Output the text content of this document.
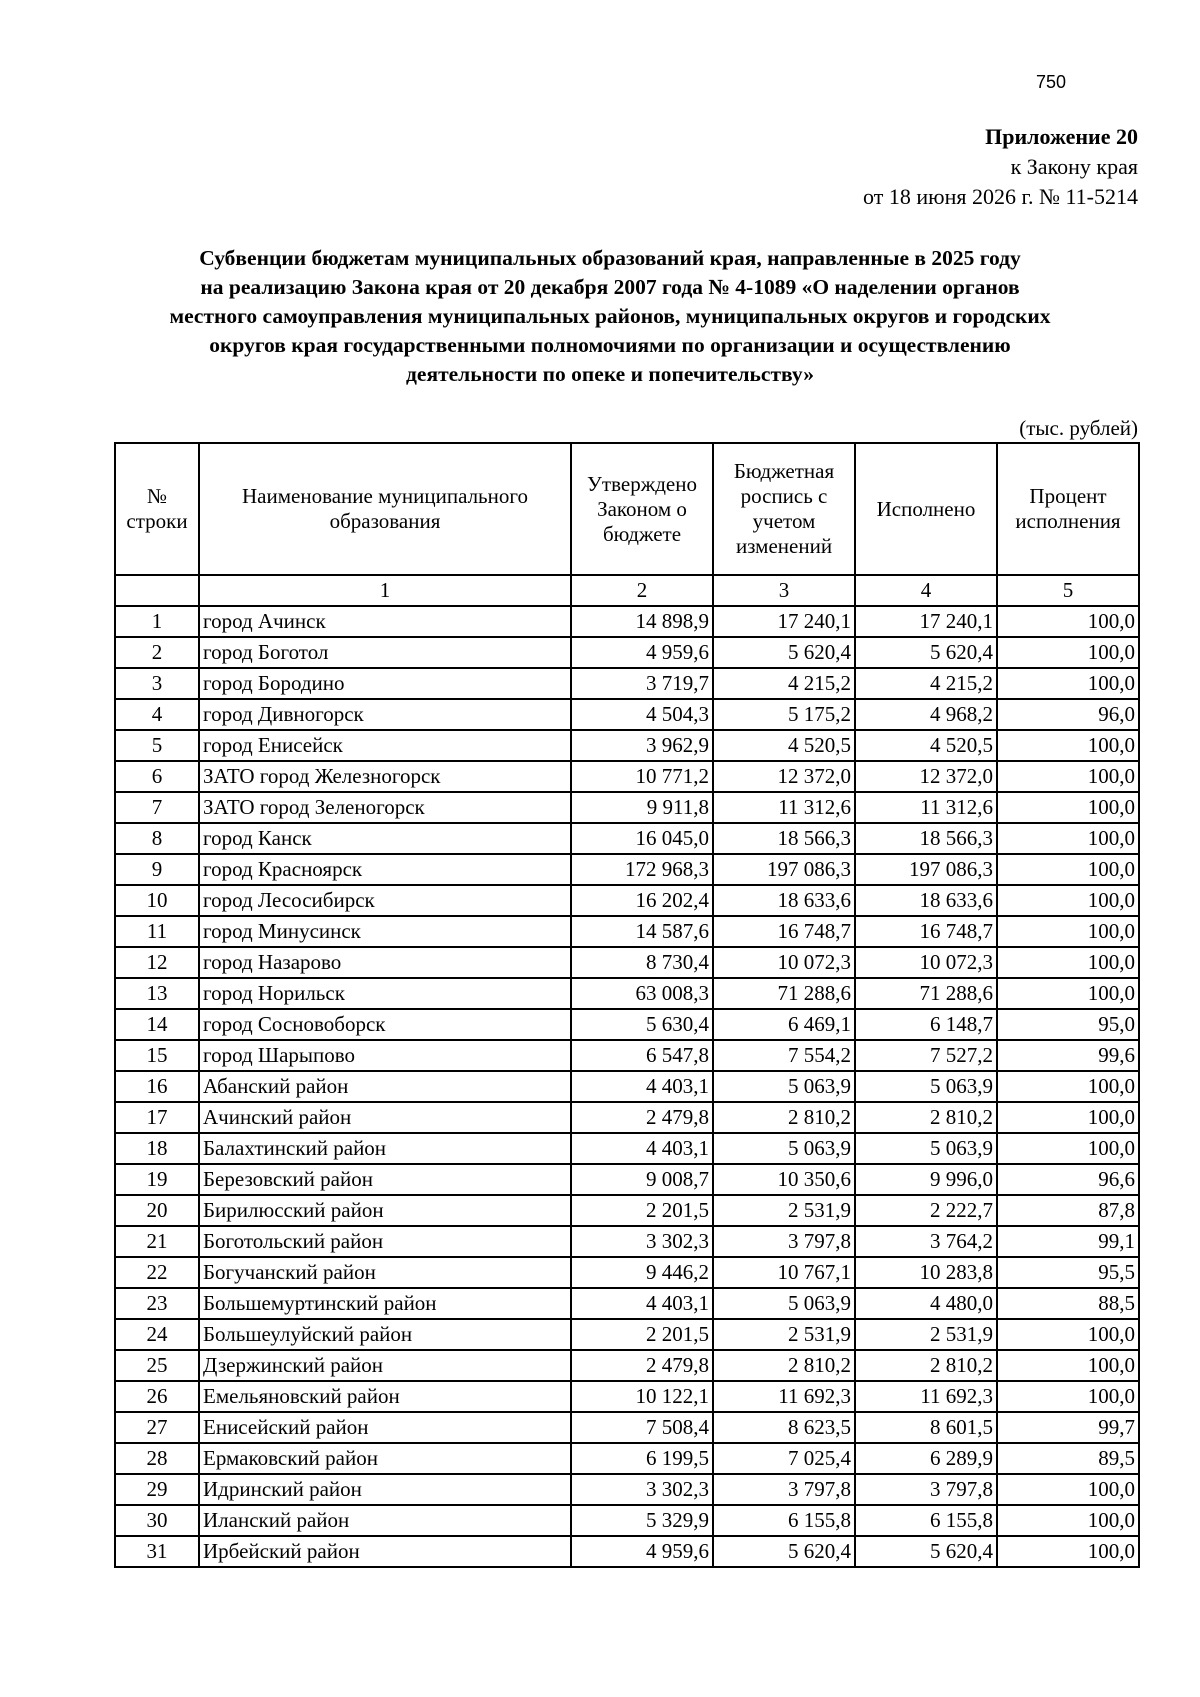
750
Приложение 20
к Закону края
от 18 июня 2026 г. № 11-5214
Субвенции бюджетам муниципальных образований края, направленные в 2025 году
на реализацию Закона края от 20 декабря 2007 года № 4-1089 «О наделении органов
местного самоуправления муниципальных районов, муниципальных округов и городских
округов края государственными полномочиями по организации и осуществлению
деятельности по опеке и попечительству»
(тыс. рублей)
№ строки	Наименование муниципального образования	Утверждено Законом о бюджете	Бюджетная роспись с учетом изменений	Исполнено	Процент исполнения
	1	2	3	4	5
1	город Ачинск	14 898,9	17 240,1	17 240,1	100,0
2	город Боготол	4 959,6	5 620,4	5 620,4	100,0
3	город Бородино	3 719,7	4 215,2	4 215,2	100,0
4	город Дивногорск	4 504,3	5 175,2	4 968,2	96,0
5	город Енисейск	3 962,9	4 520,5	4 520,5	100,0
6	ЗАТО город Железногорск	10 771,2	12 372,0	12 372,0	100,0
7	ЗАТО город Зеленогорск	9 911,8	11 312,6	11 312,6	100,0
8	город Канск	16 045,0	18 566,3	18 566,3	100,0
9	город Красноярск	172 968,3	197 086,3	197 086,3	100,0
10	город Лесосибирск	16 202,4	18 633,6	18 633,6	100,0
11	город Минусинск	14 587,6	16 748,7	16 748,7	100,0
12	город Назарово	8 730,4	10 072,3	10 072,3	100,0
13	город Норильск	63 008,3	71 288,6	71 288,6	100,0
14	город Сосновоборск	5 630,4	6 469,1	6 148,7	95,0
15	город Шарыпово	6 547,8	7 554,2	7 527,2	99,6
16	Абанский район	4 403,1	5 063,9	5 063,9	100,0
17	Ачинский район	2 479,8	2 810,2	2 810,2	100,0
18	Балахтинский район	4 403,1	5 063,9	5 063,9	100,0
19	Березовский район	9 008,7	10 350,6	9 996,0	96,6
20	Бирилюсский район	2 201,5	2 531,9	2 222,7	87,8
21	Боготольский район	3 302,3	3 797,8	3 764,2	99,1
22	Богучанский район	9 446,2	10 767,1	10 283,8	95,5
23	Большемуртинский район	4 403,1	5 063,9	4 480,0	88,5
24	Большеулуйский район	2 201,5	2 531,9	2 531,9	100,0
25	Дзержинский район	2 479,8	2 810,2	2 810,2	100,0
26	Емельяновский район	10 122,1	11 692,3	11 692,3	100,0
27	Енисейский район	7 508,4	8 623,5	8 601,5	99,7
28	Ермаковский район	6 199,5	7 025,4	6 289,9	89,5
29	Идринский район	3 302,3	3 797,8	3 797,8	100,0
30	Иланский район	5 329,9	6 155,8	6 155,8	100,0
31	Ирбейский район	4 959,6	5 620,4	5 620,4	100,0
